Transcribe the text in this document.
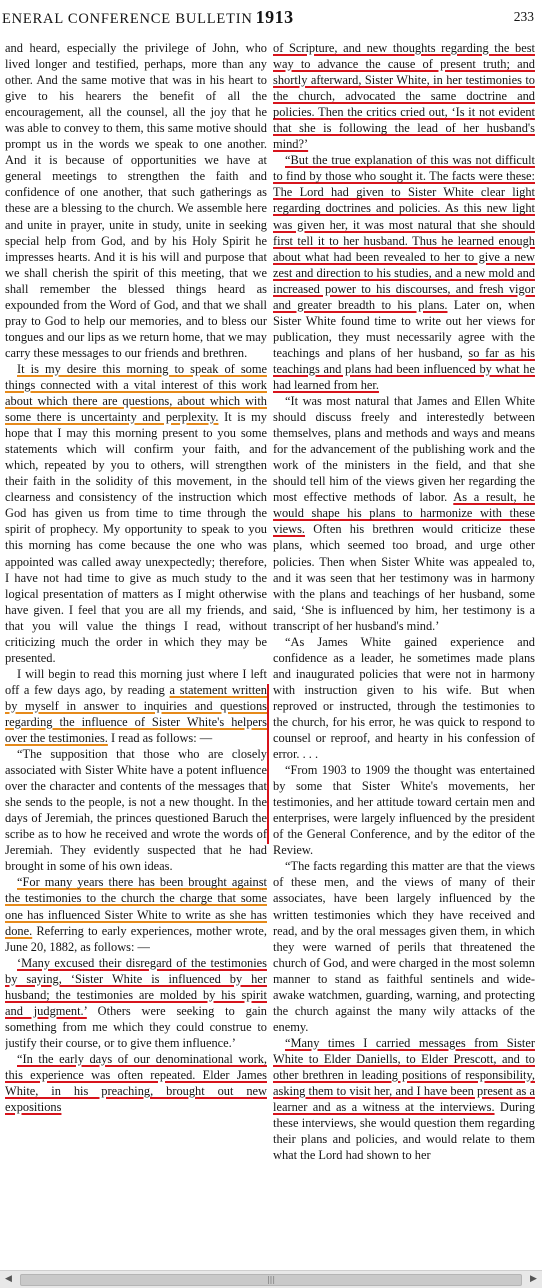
ENERAL CONFERENCE BULLETIN 1913	233

and heard, especially the privilege of John, who lived longer and testified, perhaps, more than any other. And the same motive that was in his heart to give to his hearers the benefit of all the encouragement, all the counsel, all the joy that he was able to convey to them, this same motive should prompt us in the words we speak to one another. And it is because of opportunities we have at general meetings to strengthen the faith and confidence of one another, that such gatherings as these are a blessing to the church. We assemble here and unite in prayer, unite in study, unite in seeking special help from God, and by his Holy Spirit he impresses hearts. And it is his will and purpose that we shall cherish the spirit of this meeting, that we shall remember the blessed things heard as expounded from the Word of God, and that we shall pray to God to help our memories, and to bless our tongues and our lips as we return home, that we may carry these messages to our friends and brethren.

It is my desire this morning to speak of some things connected with a vital interest of this work about which there are questions, about which with some there is uncertainty and perplexity. It is my hope that I may this morning present to you some statements which will confirm your faith, and which, repeated by you to others, will strengthen their faith in the solidity of this movement, in the clearness and consistency of the instruction which God has given us from time to time through the spirit of prophecy. My opportunity to speak to you this morning has come because the one who was appointed was called away unexpectedly; therefore, I have not had time to give as much study to the logical presentation of matters as I might otherwise have given. I feel that you are all my friends, and that you will value the things I read, without criticizing much the order in which they may be presented.

I will begin to read this morning just where I left off a few days ago, by reading a statement written by myself in answer to inquiries and questions regarding the influence of Sister White's helpers over the testimonies. I read as follows: —

“The supposition that those who are closely associated with Sister White have a potent influence over the character and contents of the messages that she sends to the people, is not a new thought. In the days of Jeremiah, the princes questioned Baruch the scribe as to how he received and wrote the words of Jeremiah. They evidently suspected that he had brought in some of his own ideas.

“For many years there has been brought against the testimonies to the church the charge that some one has influenced Sister White to write as she has done. Referring to early experiences, mother wrote, June 20, 1882, as follows: —

‘Many excused their disregard of the testimonies by saying, ‘Sister White is influenced by her husband; the testimonies are molded by his spirit and judgment.’ Others were seeking to gain something from me which they could construe to justify their course, or to give them influence.’

“In the early days of our denominational work, this experience was often repeated. Elder James White, in his preaching, brought out new expositions

of Scripture, and new thoughts regarding the best way to advance the cause of present truth; and shortly afterward, Sister White, in her testimonies to the church, advocated the same doctrine and policies. Then the critics cried out, ‘Is it not evident that she is following the lead of her husband's mind?’

“But the true explanation of this was not difficult to find by those who sought it. The facts were these: The Lord had given to Sister White clear light regarding doctrines and policies. As this new light was given her, it was most natural that she should first tell it to her husband. Thus he learned enough about what had been revealed to her to give a new zest and direction to his studies, and a new mold and increased power to his discourses, and fresh vigor and greater breadth to his plans. Later on, when Sister White found time to write out her views for publication, they must necessarily agree with the teachings and plans of her husband, so far as his teachings and plans had been influenced by what he had learned from her.

“It was most natural that James and Ellen White should discuss freely and interestedly between themselves, plans and methods and ways and means for the advancement of the publishing work and the work of the ministers in the field, and that she should tell him of the views given her regarding the most effective methods of labor. As a result, he would shape his plans to harmonize with these views. Often his brethren would criticize these plans, which seemed too broad, and urge other policies. Then when Sister White was appealed to, and it was seen that her testimony was in harmony with the plans and teachings of her husband, some said, ‘She is influenced by him, her testimony is a transcript of her husband's mind.’

“As James White gained experience and confidence as a leader, he sometimes made plans and inaugurated policies that were not in harmony with instruction given to his wife. But when reproved or instructed, through the testimonies to the church, for his error, he was quick to respond to counsel or reproof, and hearty in his confession of error. . . .

“From 1903 to 1909 the thought was entertained by some that Sister White's movements, her testimonies, and her attitude toward certain men and enterprises, were largely influenced by the president of the General Conference, and by the editor of the Review.

“The facts regarding this matter are that the views of these men, and the views of many of their associates, have been largely influenced by the written testimonies which they have received and read, and by the oral messages given them, in which they were warned of perils that threatened the church of God, and were charged in the most solemn manner to stand as faithful sentinels and wide-awake watchmen, guarding, warning, and protecting the church against the many wily attacks of the enemy.

“Many times I carried messages from Sister White to Elder Daniells, to Elder Prescott, and to other brethren in leading positions of responsibility, asking them to visit her, and I have been present as a learner and as a witness at the interviews. During these interviews, she would question them regarding their plans and policies, and would relate to them what the Lord had shown to her

◀	|||	▶
